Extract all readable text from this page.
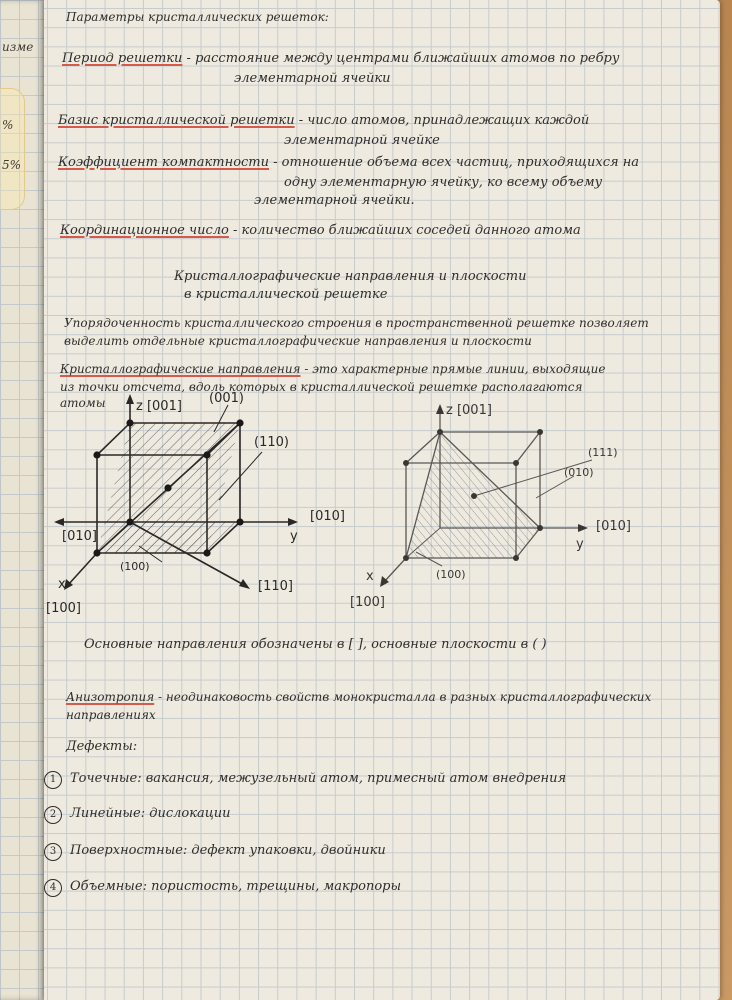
изме
%
5%
Параметры кристаллических решеток:
Период решетки - расстояние между центрами ближайших атомов по ребру
элементарной ячейки
Базис кристаллической решетки - число атомов, принадлежащих каждой
элементарной ячейке
Коэффициент компактности - отношение объема всех частиц, приходящихся на
одну элементарную ячейку, ко всему объему
элементарной ячейки.
Координационное число - количество ближайших соседей данного атома
Кристаллографические направления и плоскости
в кристаллической решетке
Упорядоченность кристаллического строения в пространственной решетке позволяет
выделить отдельные кристаллографические направления и плоскости
Кристаллографические направления - это характерные прямые линии, выходящие
из точки отсчета, вдоль которых в кристаллической решетке располагаются
атомы z [001]
(001)
(110)
[010]
y
[010]
(100)
[110]
x
[100]
z [001]
(111)
(010)
[010]
y
(100)
x
[100]
Основные направления обозначены в [ ], основные плоскости в ( )
Анизотропия - неодинаковость свойств монокристалла в разных кристаллографических
направлениях
Дефекты:
1 Точечные: вакансия, межузельный атом, примесный атом внедрения
2 Линейные: дислокации
3 Поверхностные: дефект упаковки, двойники
4 Объемные: пористость, трещины, макропоры
